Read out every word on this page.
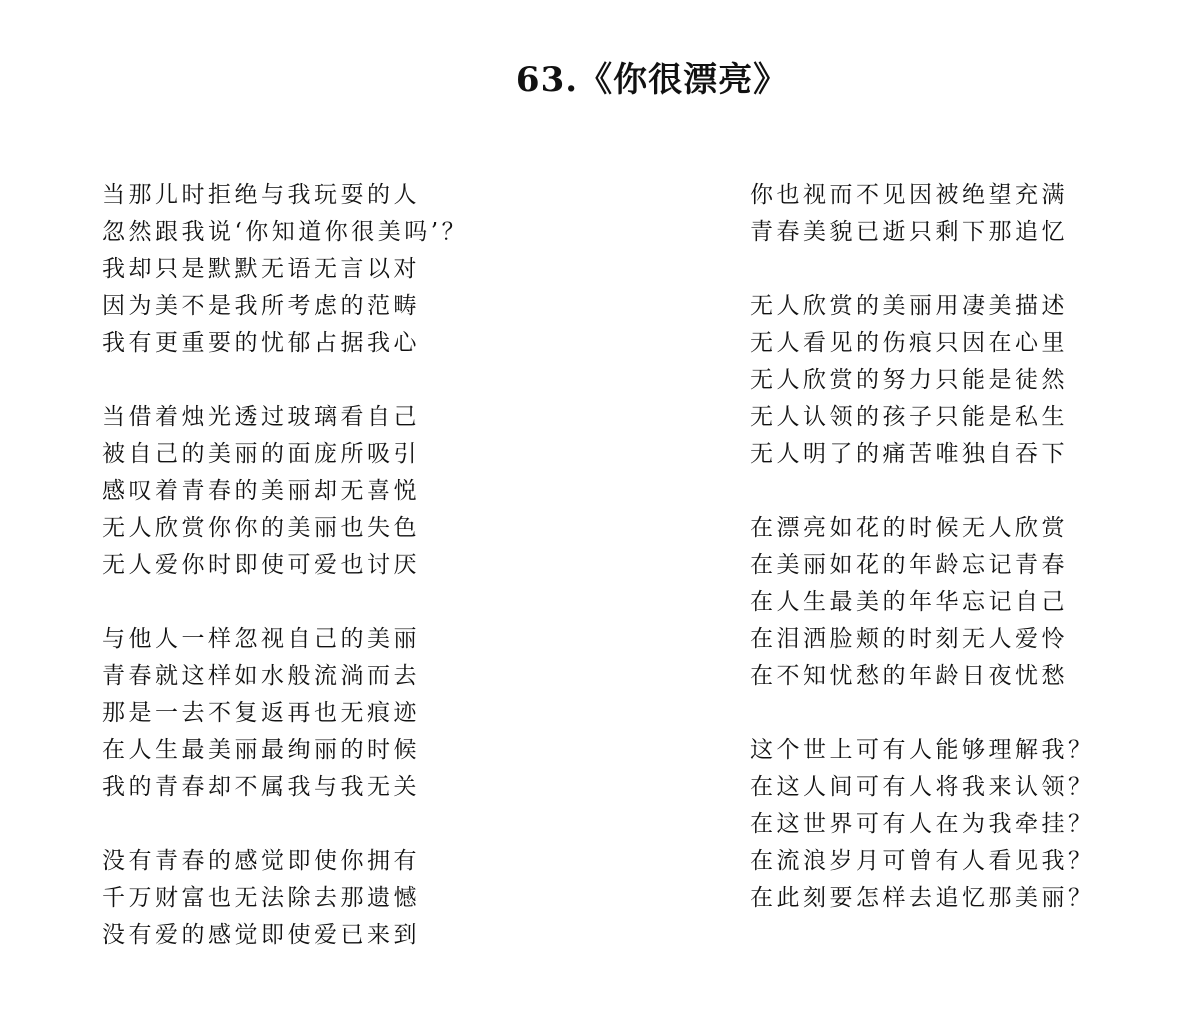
63.《你很漂亮》
当那儿时拒绝与我玩耍的人
忽然跟我说‘你知道你很美吗’？
我却只是默默无语无言以对
因为美不是我所考虑的范畴
我有更重要的忧郁占据我心
当借着烛光透过玻璃看自己
被自己的美丽的面庞所吸引
感叹着青春的美丽却无喜悦
无人欣赏你你的美丽也失色
无人爱你时即使可爱也讨厌
与他人一样忽视自己的美丽
青春就这样如水般流淌而去
那是一去不复返再也无痕迹
在人生最美丽最绚丽的时候
我的青春却不属我与我无关
没有青春的感觉即使你拥有
千万财富也无法除去那遗憾
没有爱的感觉即使爱已来到
你也视而不见因被绝望充满
青春美貌已逝只剩下那追忆
无人欣赏的美丽用凄美描述
无人看见的伤痕只因在心里
无人欣赏的努力只能是徒然
无人认领的孩子只能是私生
无人明了的痛苦唯独自吞下
在漂亮如花的时候无人欣赏
在美丽如花的年龄忘记青春
在人生最美的年华忘记自己
在泪洒脸颊的时刻无人爱怜
在不知忧愁的年龄日夜忧愁
这个世上可有人能够理解我？
在这人间可有人将我来认领？
在这世界可有人在为我牵挂？
在流浪岁月可曾有人看见我？
在此刻要怎样去追忆那美丽？
